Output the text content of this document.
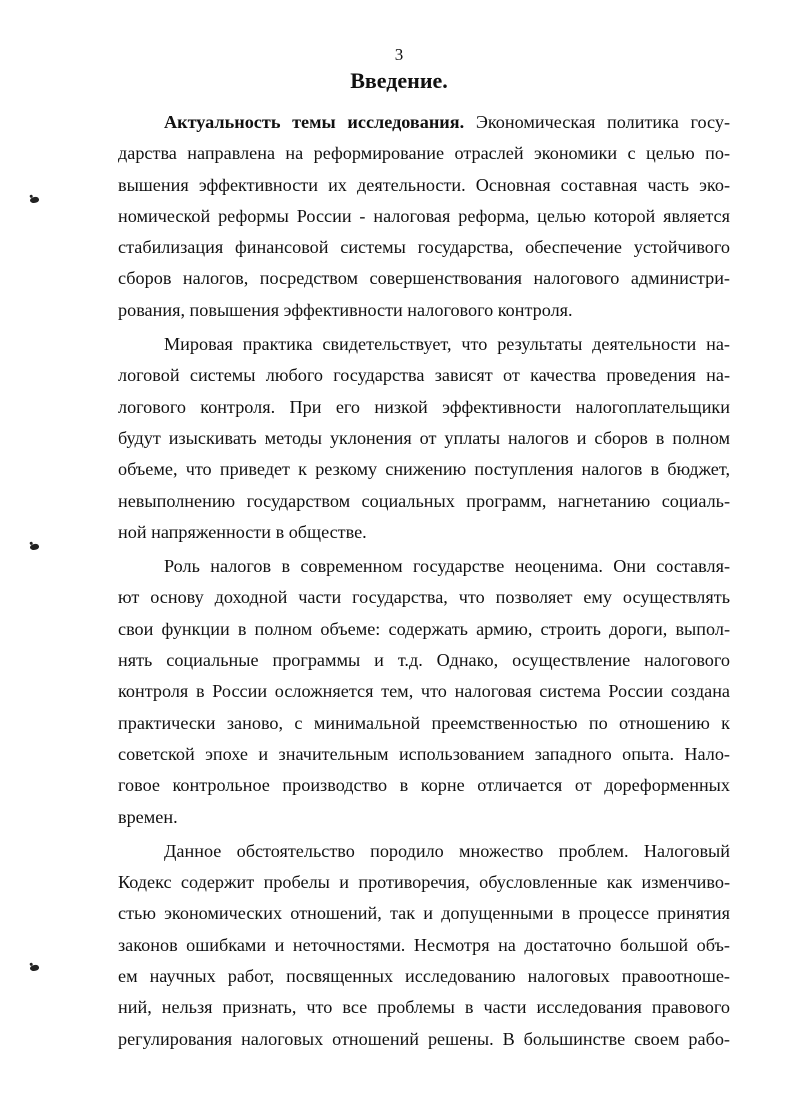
3
Введение.
Актуальность темы исследования. Экономическая политика госу-
дарства направлена на реформирование отраслей экономики с целью по-
вышения эффективности их деятельности. Основная составная часть эко-
номической реформы России - налоговая реформа, целью которой является
стабилизация финансовой системы государства, обеспечение устойчивого
сборов налогов, посредством совершенствования налогового администри-
рования, повышения эффективности налогового контроля.
Мировая практика свидетельствует, что результаты деятельности на-
логовой системы любого государства зависят от качества проведения на-
логового контроля. При его низкой эффективности налогоплательщики
будут изыскивать методы уклонения от уплаты налогов и сборов в полном
объеме, что приведет к резкому снижению поступления налогов в бюджет,
невыполнению государством социальных программ, нагнетанию социаль-
ной напряженности в обществе.
Роль налогов в современном государстве неоценима. Они составля-
ют основу доходной части государства, что позволяет ему осуществлять
свои функции в полном объеме: содержать армию, строить дороги, выпол-
нять социальные программы и т.д. Однако, осуществление налогового
контроля в России осложняется тем, что налоговая система России создана
практически заново, с минимальной преемственностью по отношению к
советской эпохе и значительным использованием западного опыта. Нало-
говое контрольное производство в корне отличается от дореформенных
времен.
Данное обстоятельство породило множество проблем. Налоговый
Кодекс содержит пробелы и противоречия, обусловленные как изменчиво-
стью экономических отношений, так и допущенными в процессе принятия
законов ошибками и неточностями. Несмотря на достаточно большой объ-
ем научных работ, посвященных исследованию налоговых правоотноше-
ний, нельзя признать, что все проблемы в части исследования правового
регулирования налоговых отношений решены. В большинстве своем рабо-
